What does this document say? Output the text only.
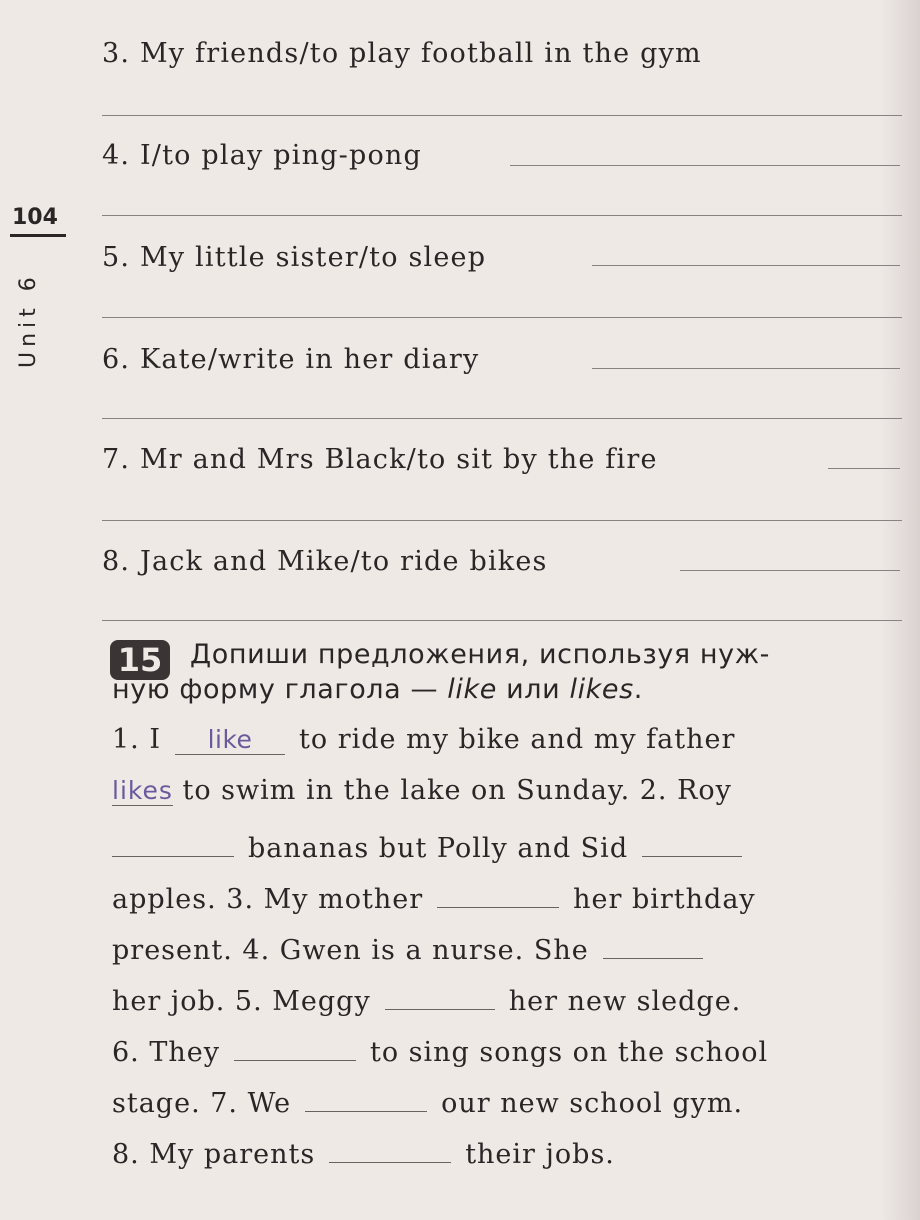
104
Unit 6
3. My friends/to play football in the gym
4. I/to play ping-pong
5. My little sister/to sleep
6. Kate/write in her diary
7. Mr and Mrs Black/to sit by the fire
8. Jack and Mike/to ride bikes
15 Допиши предложения, используя нуж-
ную форму глагола — like или likes.
1. I like to ride my bike and my father
likes to swim in the lake on Sunday. 2. Roy
bananas but Polly and Sid
apples. 3. My mother	her birthday
present. 4. Gwen is a nurse. She
her job. 5. Meggy	her new sledge.
6. They	to sing songs on the school
stage. 7. We	our new school gym.
8. My parents	their jobs.
